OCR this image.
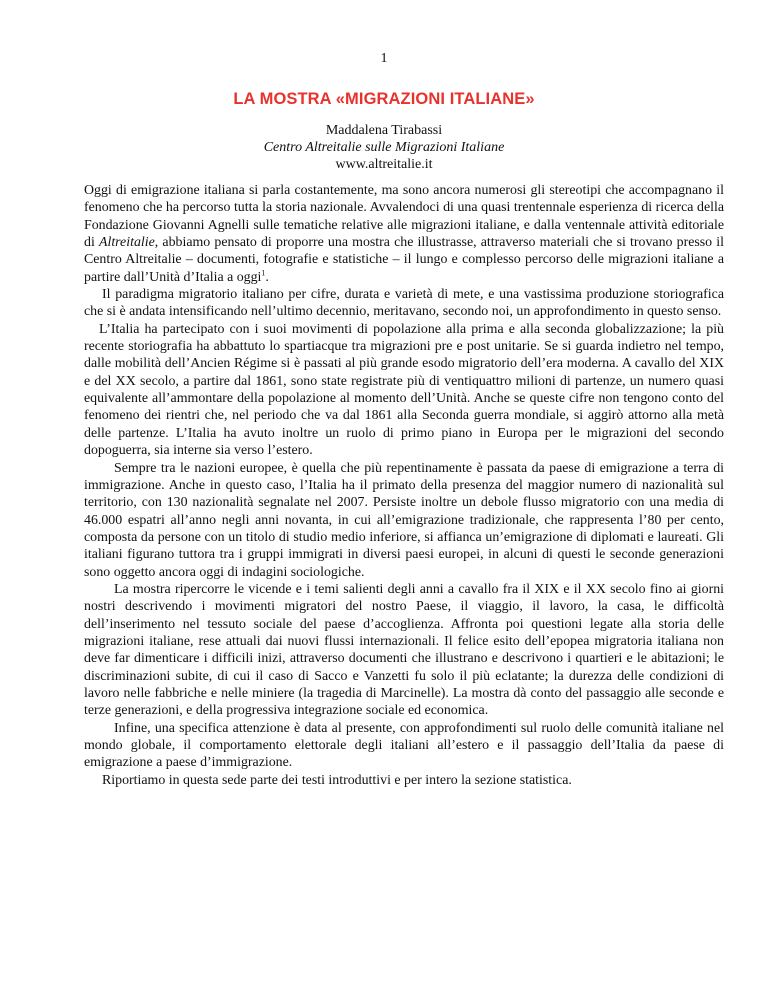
1
LA MOSTRA «MIGRAZIONI ITALIANE»
Maddalena Tirabassi
Centro Altreitalie sulle Migrazioni Italiane
www.altreitalie.it

Oggi di emigrazione italiana si parla costantemente, ma sono ancora numerosi gli stereotipi che accompagnano il fenomeno che ha percorso tutta la storia nazionale. Avvalendoci di una quasi trentennale esperienza di ricerca della Fondazione Giovanni Agnelli sulle tematiche relative alle migrazioni italiane, e dalla ventennale attività editoriale di Altreitalie, abbiamo pensato di proporre una mostra che illustrasse, attraverso materiali che si trovano presso il Centro Altreitalie – documenti, fotografie e statistiche – il lungo e complesso percorso delle migrazioni italiane a partire dall’Unità d’Italia a oggi$^1$.

Il paradigma migratorio italiano per cifre, durata e varietà di mete, e una vastissima produzione storiografica che si è andata intensificando nell’ultimo decennio, meritavano, secondo noi, un approfondimento in questo senso.

L’Italia ha partecipato con i suoi movimenti di popolazione alla prima e alla seconda globalizzazione; la più recente storiografia ha abbattuto lo spartiacque tra migrazioni pre e post unitarie. Se si guarda indietro nel tempo, dalle mobilità dell’Ancien Régime si è passati al più grande esodo migratorio dell’era moderna. A cavallo del XIX e del XX secolo, a partire dal 1861, sono state registrate più di ventiquattro milioni di partenze, un numero quasi equivalente all’ammontare della popolazione al momento dell’Unità. Anche se queste cifre non tengono conto del fenomeno dei rientri che, nel periodo che va dal 1861 alla Seconda guerra mondiale, si aggirò attorno alla metà delle partenze. L’Italia ha avuto inoltre un ruolo di primo piano in Europa per le migrazioni del secondo dopoguerra, sia interne sia verso l’estero.

Sempre tra le nazioni europee, è quella che più repentinamente è passata da paese di emigrazione a terra di immigrazione. Anche in questo caso, l’Italia ha il primato della presenza del maggior numero di nazionalità sul territorio, con 130 nazionalità segnalate nel 2007. Persiste inoltre un debole flusso migratorio con una media di 46.000 espatri all’anno negli anni novanta, in cui all’emigrazione tradizionale, che rappresenta l’80 per cento, composta da persone con un titolo di studio medio inferiore, si affianca un’emigrazione di diplomati e laureati. Gli italiani figurano tuttora tra i gruppi immigrati in diversi paesi europei, in alcuni di questi le seconde generazioni sono oggetto ancora oggi di indagini sociologiche.

La mostra ripercorre le vicende e i temi salienti degli anni a cavallo fra il XIX e il XX secolo fino ai giorni nostri descrivendo i movimenti migratori del nostro Paese, il viaggio, il lavoro, la casa, le difficoltà dell’inserimento nel tessuto sociale del paese d’accoglienza. Affronta poi questioni legate alla storia delle migrazioni italiane, rese attuali dai nuovi flussi internazionali. Il felice esito dell’epopea migratoria italiana non deve far dimenticare i difficili inizi, attraverso documenti che illustrano e descrivono i quartieri e le abitazioni; le discriminazioni subite, di cui il caso di Sacco e Vanzetti fu solo il più eclatante; la durezza delle condizioni di lavoro nelle fabbriche e nelle miniere (la tragedia di Marcinelle). La mostra dà conto del passaggio alle seconde e terze generazioni, e della progressiva integrazione sociale ed economica.

Infine, una specifica attenzione è data al presente, con approfondimenti sul ruolo delle comunità italiane nel mondo globale, il comportamento elettorale degli italiani all’estero e il passaggio dell’Italia da paese di emigrazione a paese d’immigrazione.

Riportiamo in questa sede parte dei testi introduttivi e per intero la sezione statistica.
